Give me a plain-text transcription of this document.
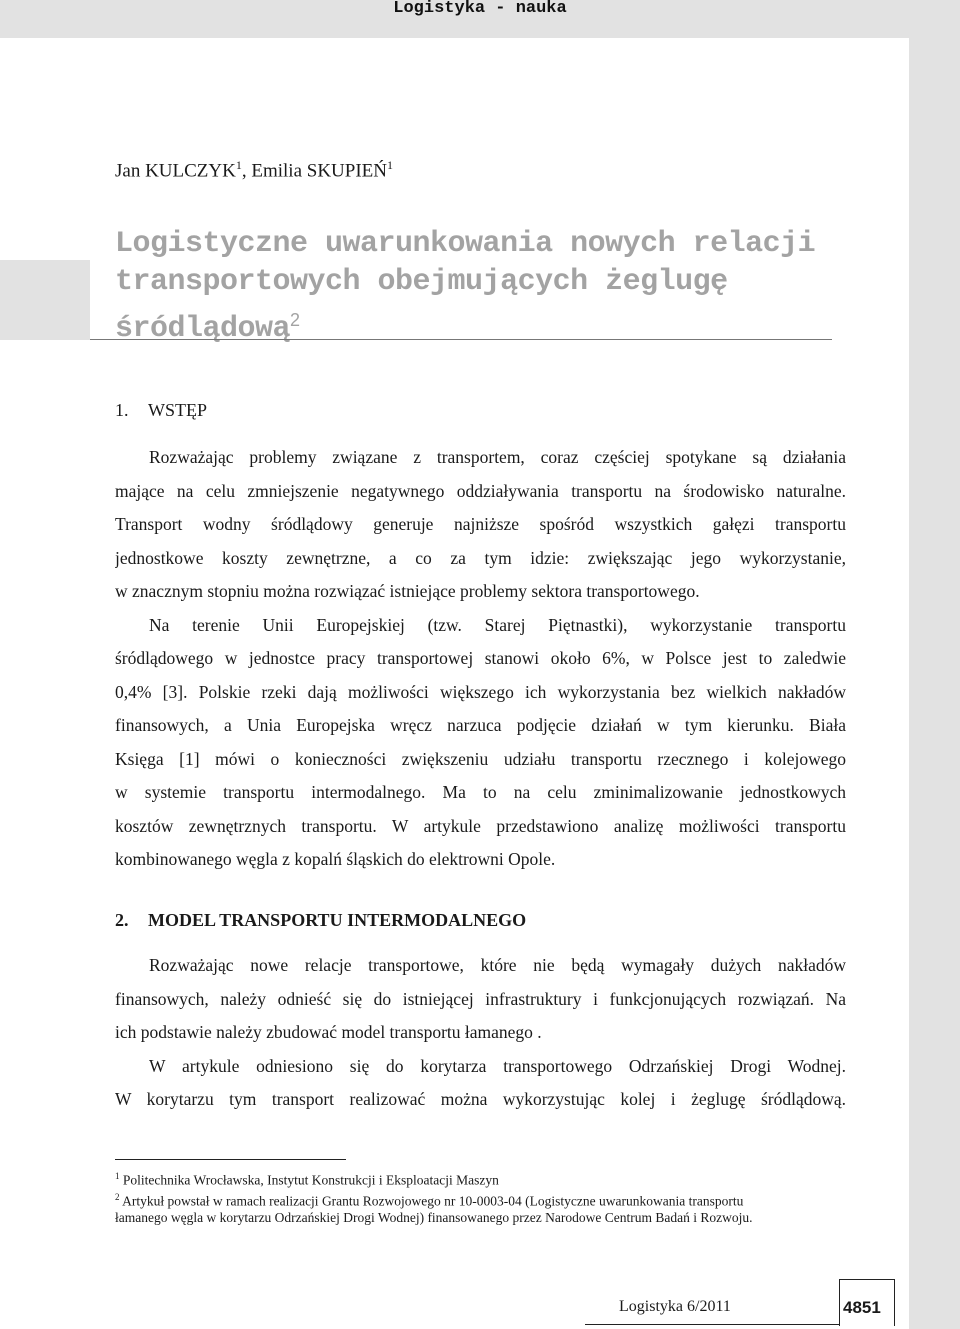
Logistyka - nauka
Jan KULCZYK$^1$, Emilia SKUPIEŃ$^1$
Logistyczne uwarunkowania nowych relacji
transportowych obejmujących żeglugę
śródlądową$^2$
1. WSTĘP
Rozważając problemy związane z transportem, coraz częściej spotykane są działania
mające na celu zmniejszenie negatywnego oddziaływania transportu na środowisko naturalne.
Transport wodny śródlądowy generuje najniższe spośród wszystkich gałęzi transportu
jednostkowe koszty zewnętrzne, a co za tym idzie: zwiększając jego wykorzystanie,
w znacznym stopniu można rozwiązać istniejące problemy sektora transportowego.
Na terenie Unii Europejskiej (tzw. Starej Piętnastki), wykorzystanie transportu
śródlądowego w jednostce pracy transportowej stanowi około 6%, w Polsce jest to zaledwie
0,4% [3]. Polskie rzeki dają możliwości większego ich wykorzystania bez wielkich nakładów
finansowych, a Unia Europejska wręcz narzuca podjęcie działań w tym kierunku. Biała
Księga [1] mówi o konieczności zwiększeniu udziału transportu rzecznego i kolejowego
w systemie transportu intermodalnego. Ma to na celu zminimalizowanie jednostkowych
kosztów zewnętrznych transportu. W artykule przedstawiono analizę możliwości transportu
kombinowanego węgla z kopalń śląskich do elektrowni Opole.
2. MODEL TRANSPORTU INTERMODALNEGO
Rozważając nowe relacje transportowe, które nie będą wymagały dużych nakładów
finansowych, należy odnieść się do istniejącej infrastruktury i funkcjonujących rozwiązań. Na
ich podstawie należy zbudować model transportu łamanego .
W artykule odniesiono się do korytarza transportowego Odrzańskiej Drogi Wodnej.
W korytarzu tym transport realizować można wykorzystując kolej i żeglugę śródlądową.
$^1$ Politechnika Wrocławska, Instytut Konstrukcji i Eksploatacji Maszyn
$^2$ Artykuł powstał w ramach realizacji Grantu Rozwojowego nr 10-0003-04 (Logistyczne uwarunkowania transportu
łamanego węgla w korytarzu Odrzańskiej Drogi Wodnej) finansowanego przez Narodowe Centrum Badań i Rozwoju.
Logistyka 6/2011	4851
